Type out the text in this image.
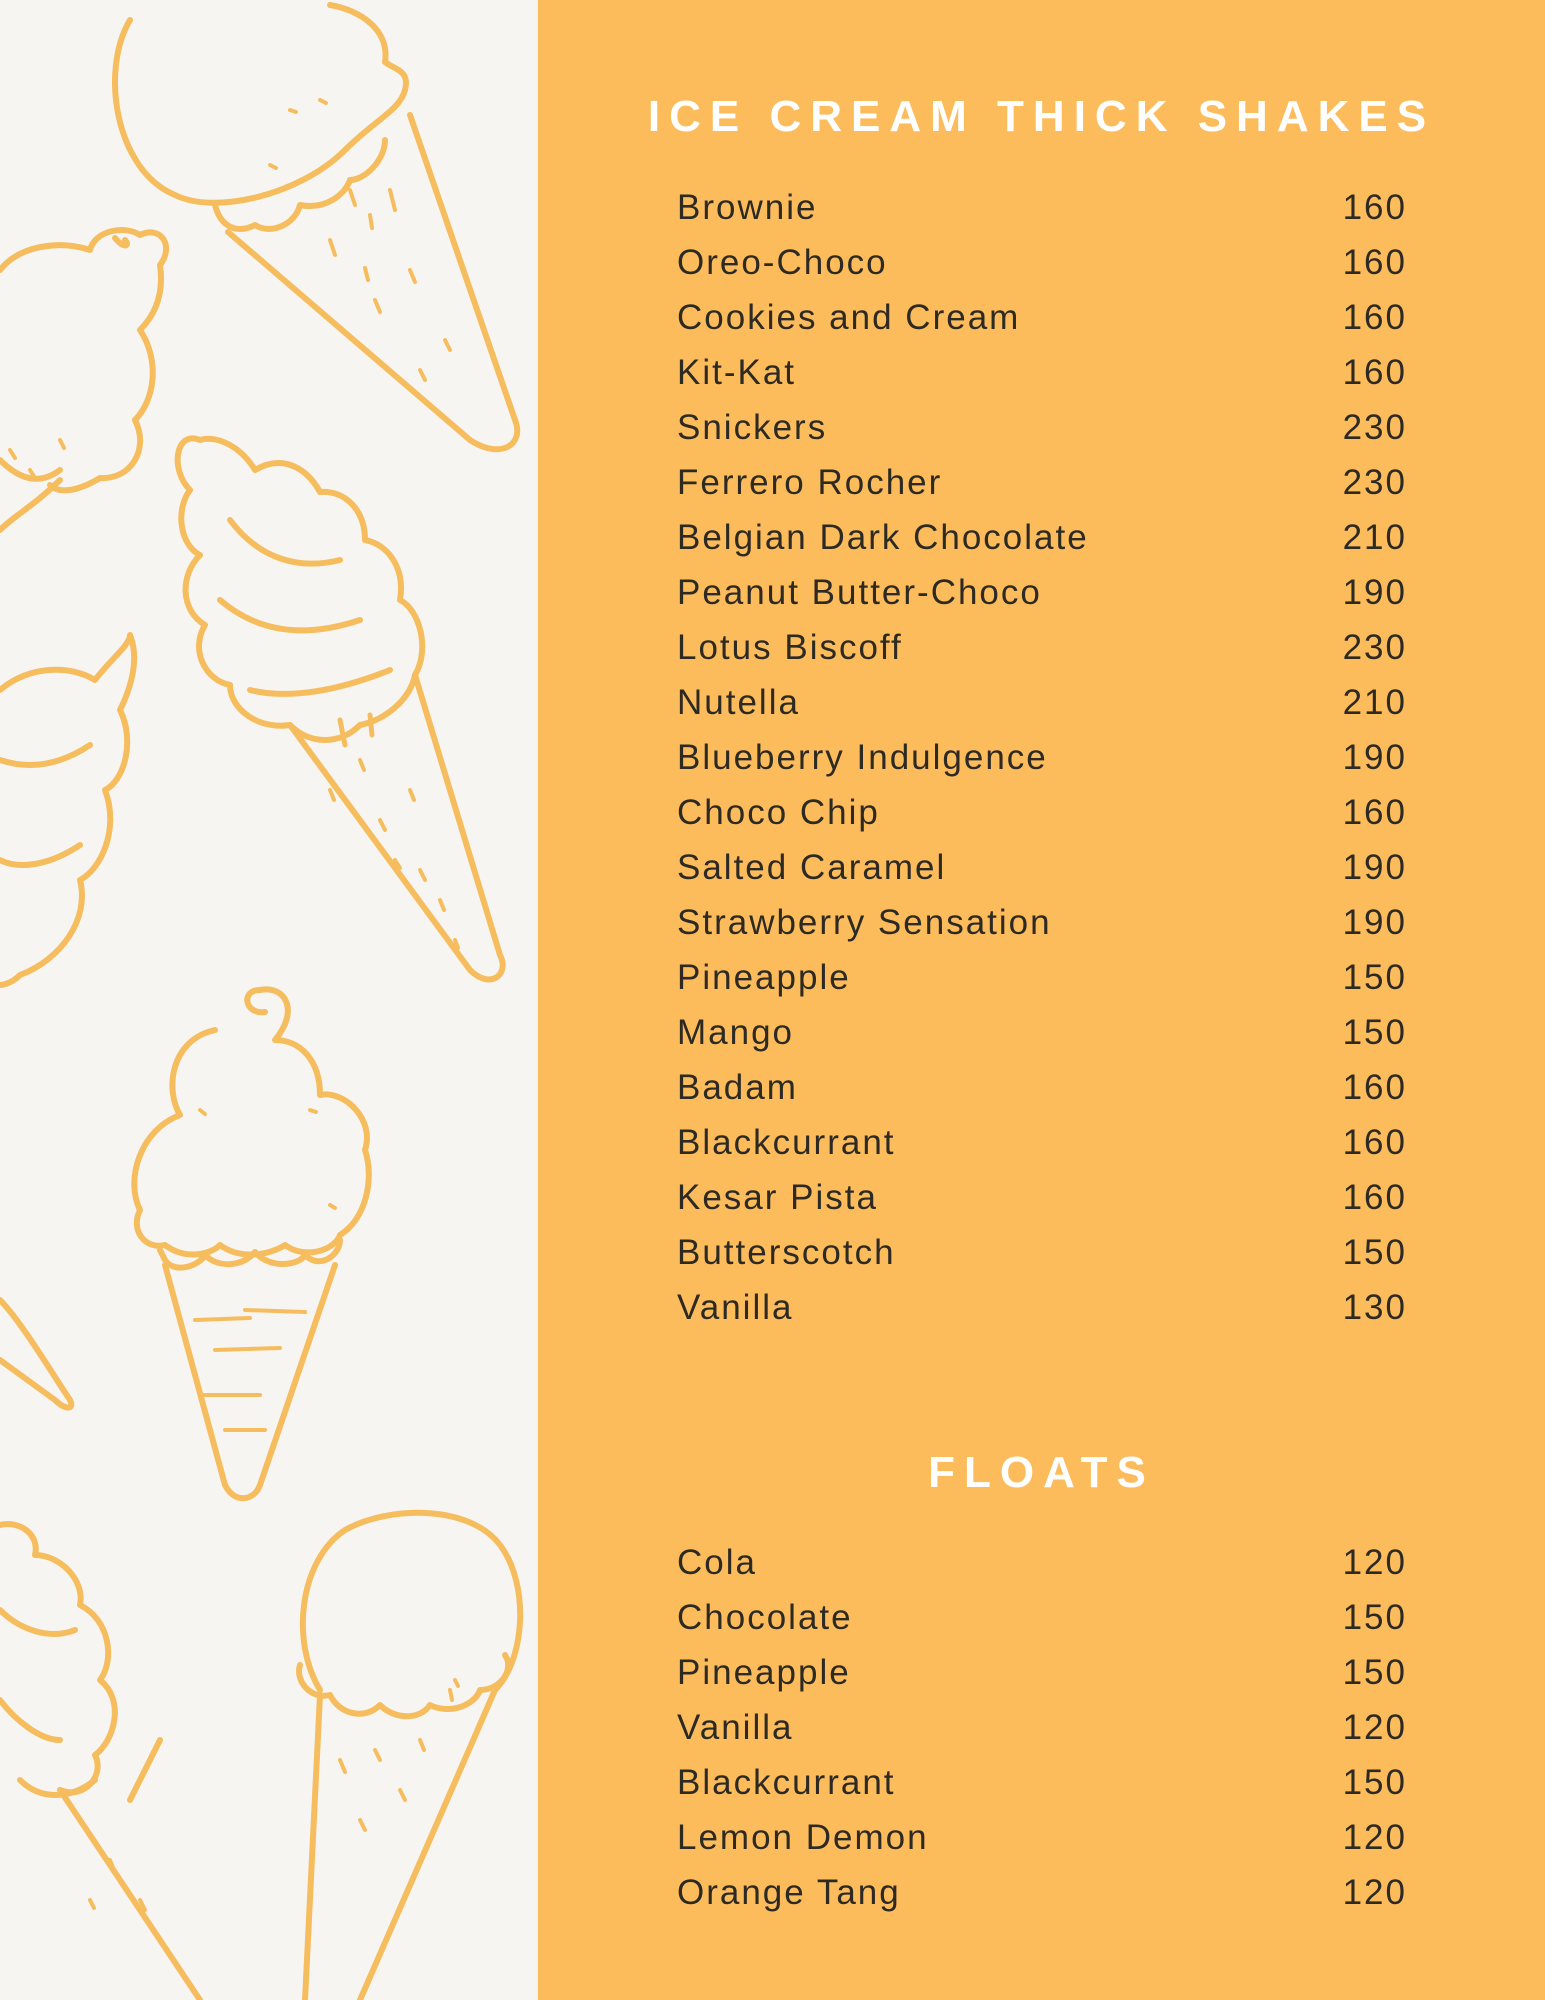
ICE CREAM THICK SHAKES
Brownie	160
Oreo-Choco	160
Cookies and Cream	160
Kit-Kat	160
Snickers	230
Ferrero Rocher	230
Belgian Dark Chocolate	210
Peanut Butter-Choco	190
Lotus Biscoff	230
Nutella	210
Blueberry Indulgence	190
Choco Chip	160
Salted Caramel	190
Strawberry Sensation	190
Pineapple	150
Mango	150
Badam	160
Blackcurrant	160
Kesar Pista	160
Butterscotch	150
Vanilla	130
FLOATS
Cola	120
Chocolate	150
Pineapple	150
Vanilla	120
Blackcurrant	150
Lemon Demon	120
Orange Tang	120
